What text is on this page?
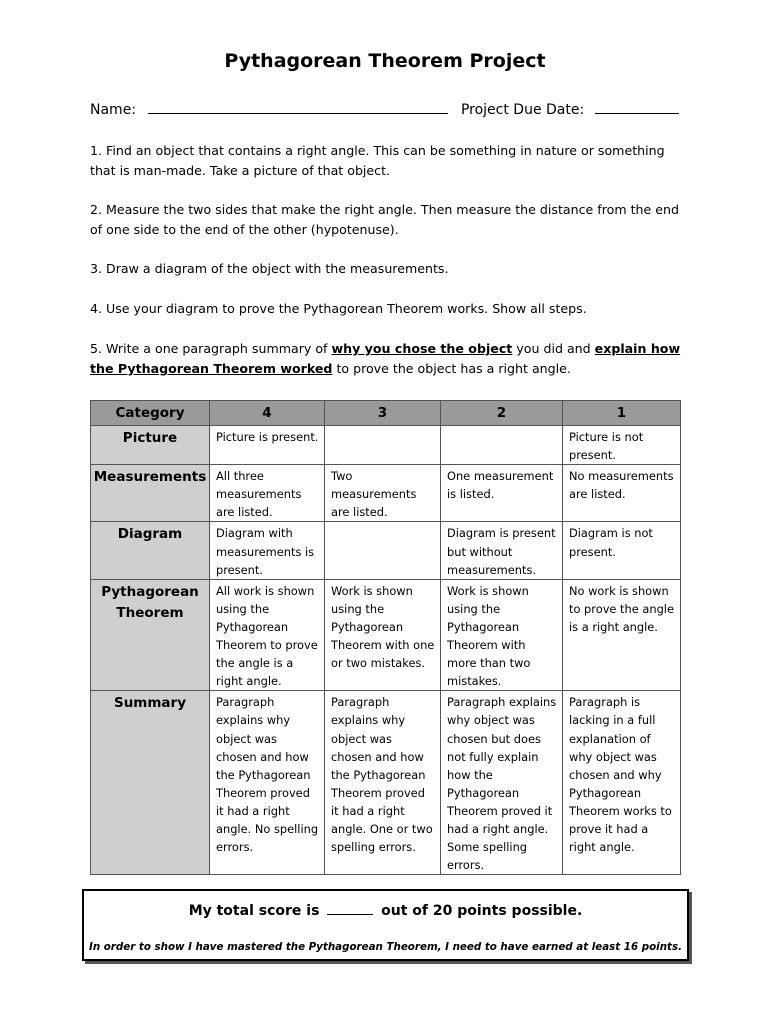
Pythagorean Theorem Project
Name:	Project Due Date:
1. Find an object that contains a right angle. This can be something in nature or something that is man-made. Take a picture of that object.
2. Measure the two sides that make the right angle. Then measure the distance from the end of one side to the end of the other (hypotenuse).
3. Draw a diagram of the object with the measurements.
4. Use your diagram to prove the Pythagorean Theorem works. Show all steps.
5. Write a one paragraph summary of why you chose the object you did and explain how the Pythagorean Theorem worked to prove the object has a right angle.
Category	4	3	2	1
Picture	Picture is present.			Picture is not present.
Measurements	All three measurements are listed.	Two measurements are listed.	One measurement is listed.	No measurements are listed.
Diagram	Diagram with measurements is present.		Diagram is present but without measurements.	Diagram is not present.
Pythagorean Theorem	All work is shown using the Pythagorean Theorem to prove the angle is a right angle.	Work is shown using the Pythagorean Theorem with one or two mistakes.	Work is shown using the Pythagorean Theorem with more than two mistakes.	No work is shown to prove the angle is a right angle.
Summary	Paragraph explains why object was chosen and how the Pythagorean Theorem proved it had a right angle. No spelling errors.	Paragraph explains why object was chosen and how the Pythagorean Theorem proved it had a right angle. One or two spelling errors.	Paragraph explains why object was chosen but does not fully explain how the Pythagorean Theorem proved it had a right angle. Some spelling errors.	Paragraph is lacking in a full explanation of why object was chosen and why Pythagorean Theorem works to prove it had a right angle.
My total score is	out of 20 points possible.
In order to show I have mastered the Pythagorean Theorem, I need to have earned at least 16 points.
